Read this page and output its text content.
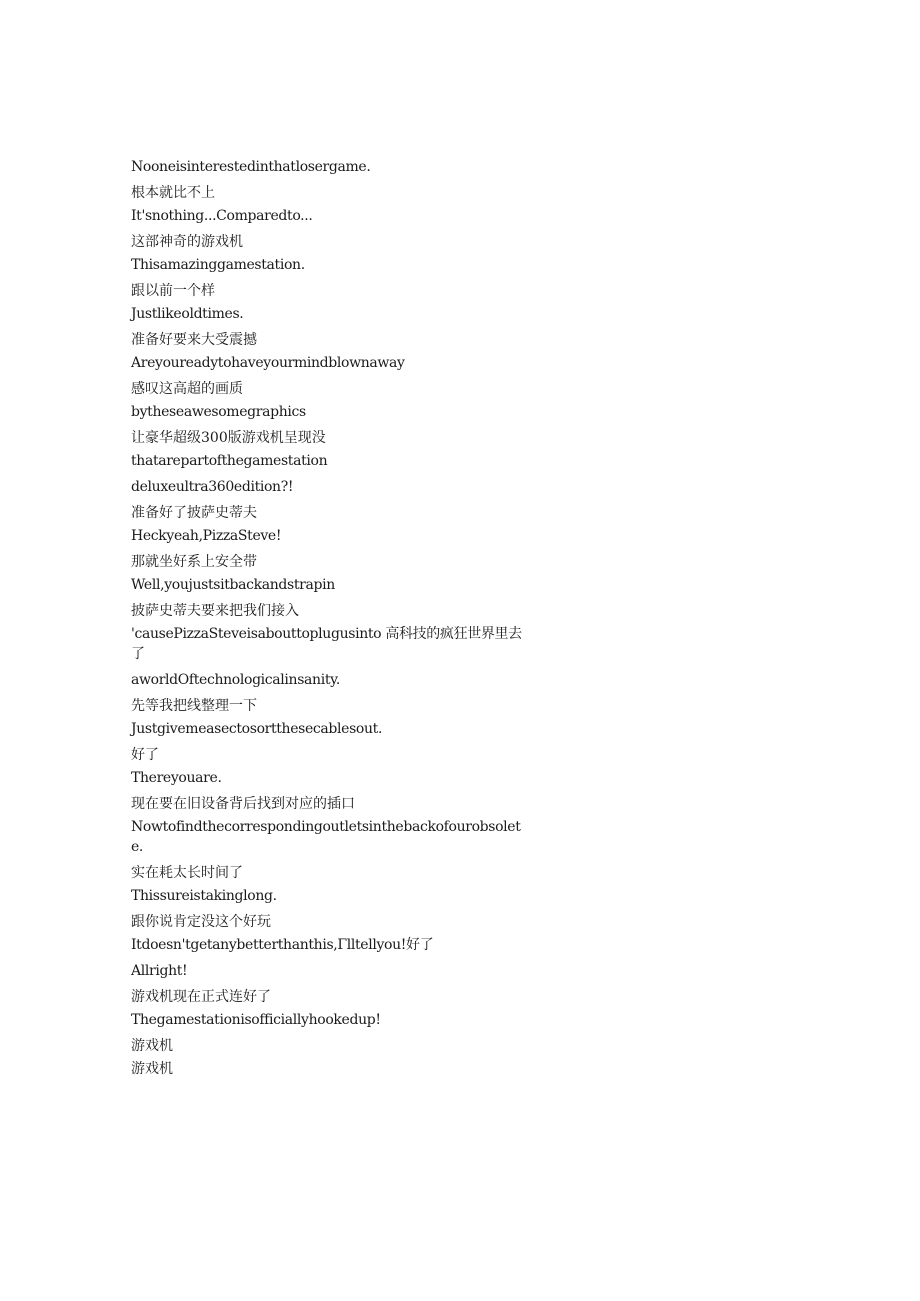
Nooneisinterestedinthatlosergame.

根本就比不上

It'snothing...Comparedto...

这部神奇的游戏机

Thisamazinggamestation.

跟以前一个样

Justlikeoldtimes.

准备好要来大受震撼

Areyoureadytohaveyourmindblownaway

感叹这高超的画质

bytheseawesomegraphics

让豪华超级300版游戏机呈现没

thatarepartofthegamestation

deluxeultra360edition?!

准备好了披萨史蒂夫

Heckyeah,PizzaSteve!

那就坐好系上安全带

Well,youjustsitbackandstrapin

披萨史蒂夫要来把我们接入

'causePizzaSteveisabouttoplugusinto 高科技的疯狂世界里去了

aworldOftechnologicalinsanity.

先等我把线整理一下

Justgivemeasectosortthesecablesout.

好了

Thereyouare.

现在要在旧设备背后找到对应的插口

Nowtofindthecorrespondingoutletsinthebackofourobsolete.

实在耗太长时间了

Thissureistakinglong.

跟你说肯定没这个好玩

Itdoesn'tgetanybetterthanthis,Γlltellyou!好了

Allright!

游戏机现在正式连好了

Thegamestationisofficiallyhookedup!

游戏机

游戏机
